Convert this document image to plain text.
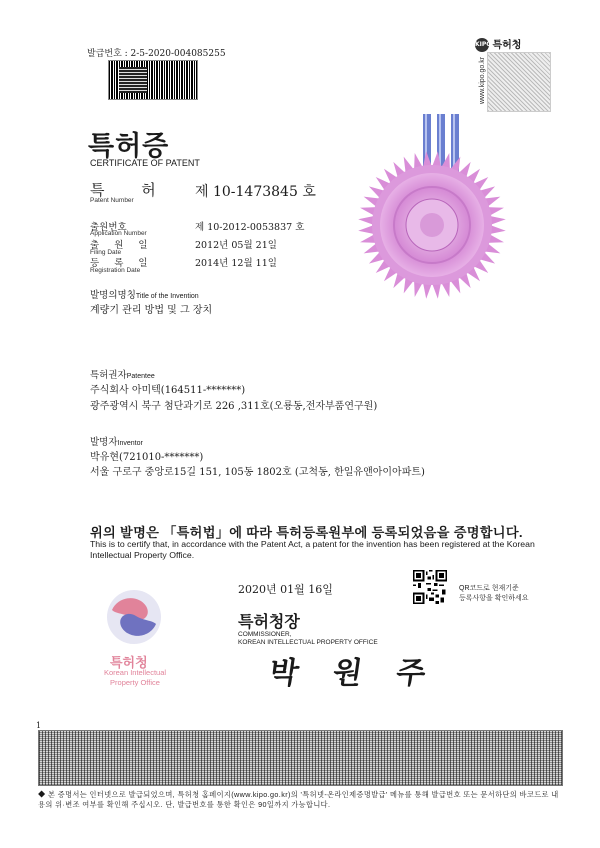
발급번호 : 2-5-2020-004085255
KIPO 특허청
www.kipo.go.kr
특허증
CERTIFICATE OF PATENT
특 허
Patent Number
제 10-1473845 호
출원번호
Application Number
제 10-2012-0053837 호
출 원 일
Filing Date
2012년 05월 21일
등 록 일
Registration Date
2014년 12월 11일
발명의명칭Title of the Invention
계량기 관리 방법 및 그 장치
특허권자Patentee
주식회사 아미텍(164511-*******)
광주광역시 북구 첨단과기로 226 ,311호(오룡동,전자부품연구원)
발명자Inventor
박유현(721010-*******)
서울 구로구 중앙로15길 151, 105동 1802호 (고척동, 한일유앤아이아파트)
위의 발명은 「특허법」에 따라 특허등록원부에 등록되었음을 증명합니다.
This is to certify that, in accordance with the Patent Act, a patent for the invention has been registered at the Korean Intellectual Property Office.
2020년 01월 16일	QR코드로 현재기준
등록사항을 확인하세요
특허청장
COMMISSIONER,
KOREAN INTELLECTUAL PROPERTY OFFICE
박 원 주
특허청
Korean Intellectual
Property Office
1
◆ 본 증명서는 인터넷으로 발급되었으며, 특허청 홈페이지(www.kipo.go.kr)의 '특허넷-온라인제증명발급' 메뉴를 통해 발급번호 또는 문서하단의 바코드로 내용의 위·변조 여부를 확인해 주십시오. 단, 발급번호를 통한 확인은 90일까지 가능합니다.
